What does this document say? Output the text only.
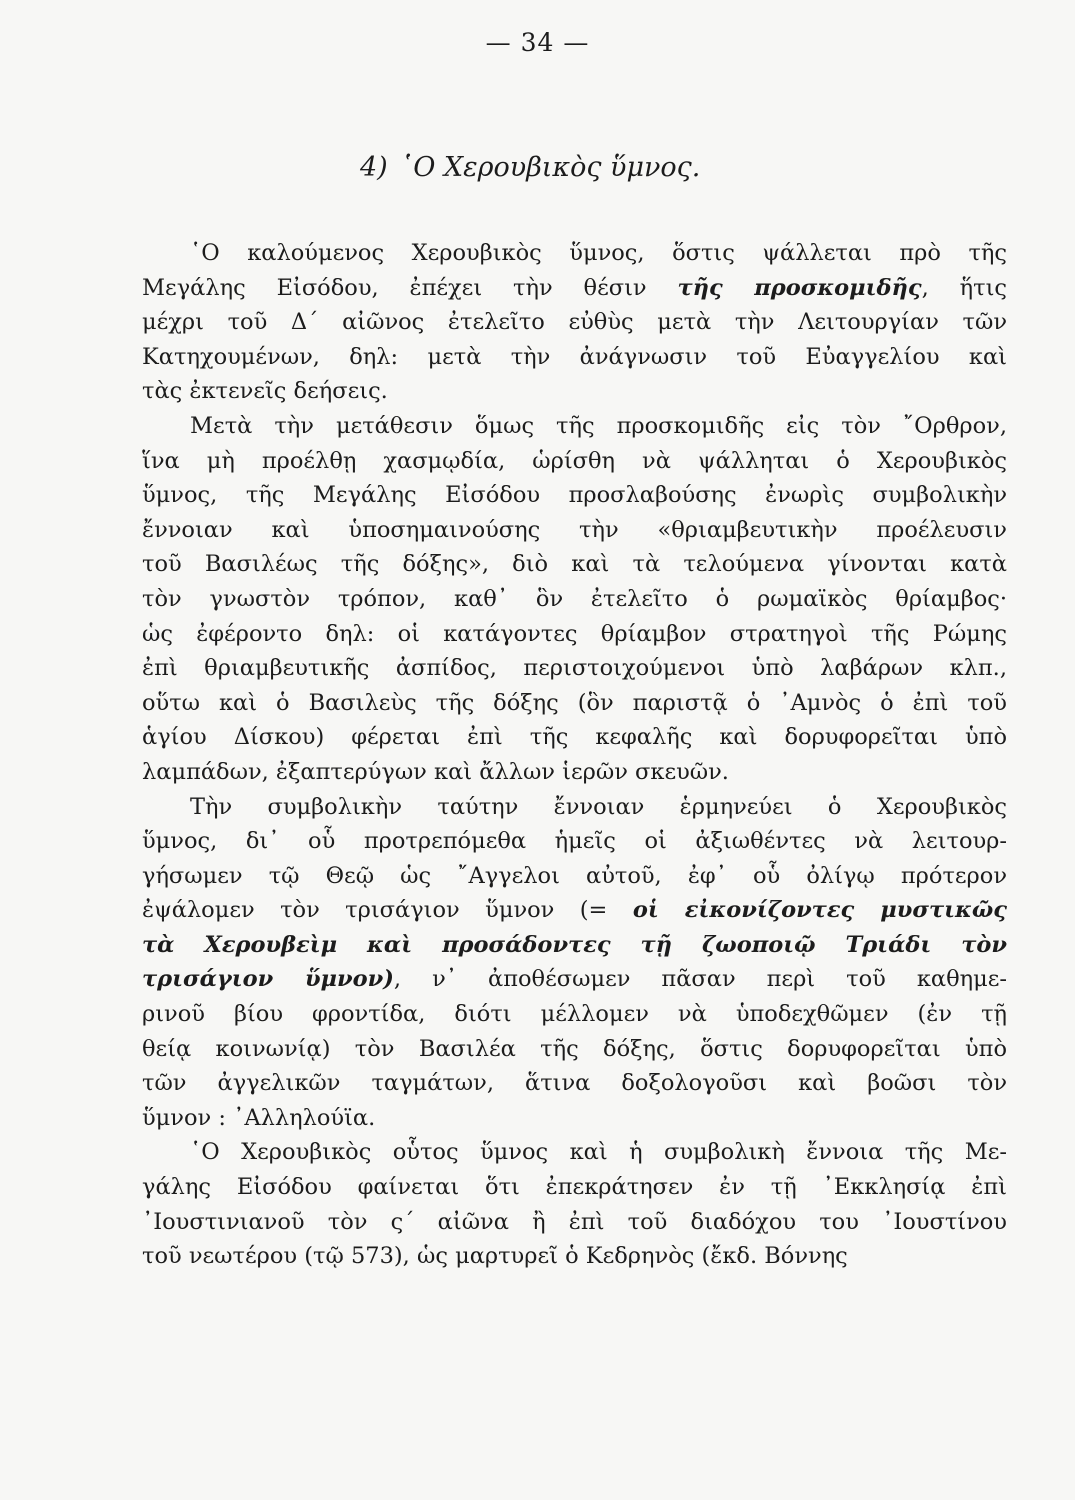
— 34 —
4) ῾Ο Χερουβικὸς ὕμνος.
῾Ο καλούμενος Χερουβικὸς ὕμνος, ὅστις ψάλλεται πρὸ τῆς
Μεγάλης Εἰσόδου, ἐπέχει τὴν θέσιν τῆς προσκομιδῆς, ἥτις
μέχρι τοῦ Δ΄ αἰῶνος ἐτελεῖτο εὐθὺς μετὰ τὴν Λειτουργίαν τῶν
Κατηχουμένων, δηλ: μετὰ τὴν ἀνάγνωσιν τοῦ Εὐαγγελίου καὶ
τὰς ἐκτενεῖς δεήσεις.
Μετὰ τὴν μετάθεσιν ὅμως τῆς προσκομιδῆς εἰς τὸν ῎Ορθρον,
ἵνα μὴ προέλθῃ χασμῳδία, ὡρίσθη νὰ ψάλληται ὁ Χερουβικὸς
ὕμνος, τῆς Μεγάλης Εἰσόδου προσλαβούσης ἐνωρὶς συμβολικὴν
ἔννοιαν καὶ ὑποσημαινούσης τὴν «θριαμβευτικὴν προέλευσιν
τοῦ Βασιλέως τῆς δόξης», διὸ καὶ τὰ τελούμενα γίνονται κατὰ
τὸν γνωστὸν τρόπον, καθ᾽ ὃν ἐτελεῖτο ὁ ρωμαϊκὸς θρίαμβος·
ὡς ἐφέροντο δηλ: οἱ κατάγοντες θρίαμβον στρατηγοὶ τῆς Ρώμης
ἐπὶ θριαμβευτικῆς ἀσπίδος, περιστοιχούμενοι ὑπὸ λαβάρων κλπ.,
οὕτω καὶ ὁ Βασιλεὺς τῆς δόξης (ὃν παριστᾷ ὁ ᾿Αμνὸς ὁ ἐπὶ τοῦ
ἁγίου Δίσκου) φέρεται ἐπὶ τῆς κεφαλῆς καὶ δορυφορεῖται ὑπὸ
λαμπάδων, ἐξαπτερύγων καὶ ἄλλων ἱερῶν σκευῶν.
Τὴν συμβολικὴν ταύτην ἔννοιαν ἑρμηνεύει ὁ Χερουβικὸς
ὕμνος, δι᾽ οὗ προτρεπόμεθα ἡμεῖς οἱ ἀξιωθέντες νὰ λειτουρ-
γήσωμεν τῷ Θεῷ ὡς ῎Αγγελοι αὐτοῦ, ἐφ᾽ οὗ ὀλίγῳ πρότερον
ἐψάλομεν τὸν τρισάγιον ὕμνον (= οἱ εἰκονίζοντες μυστικῶς
τὰ Χερουβεὶμ καὶ προσάδοντες τῇ ζωοποιῷ Τριάδι τὸν
τρισάγιον ὕμνον), ν᾽ ἀποθέσωμεν πᾶσαν περὶ τοῦ καθημε-
ρινοῦ βίου φροντίδα, διότι μέλλομεν νὰ ὑποδεχθῶμεν (ἐν τῇ
θείᾳ κοινωνίᾳ) τὸν Βασιλέα τῆς δόξης, ὅστις δορυφορεῖται ὑπὸ
τῶν ἀγγελικῶν ταγμάτων, ἅτινα δοξολογοῦσι καὶ βοῶσι τὸν
ὕμνον : ᾿Αλληλούϊα.
῾Ο Χερουβικὸς οὗτος ὕμνος καὶ ἡ συμβολικὴ ἔννοια τῆς Με-
γάλης Εἰσόδου φαίνεται ὅτι ἐπεκράτησεν ἐν τῇ ᾿Εκκλησίᾳ ἐπὶ
᾿Ιουστινιανοῦ τὸν ς΄ αἰῶνα ἢ ἐπὶ τοῦ διαδόχου του ᾿Ιουστίνου
τοῦ νεωτέρου (τῷ 573), ὡς μαρτυρεῖ ὁ Κεδρηνὸς (ἔκδ. Βόννης
